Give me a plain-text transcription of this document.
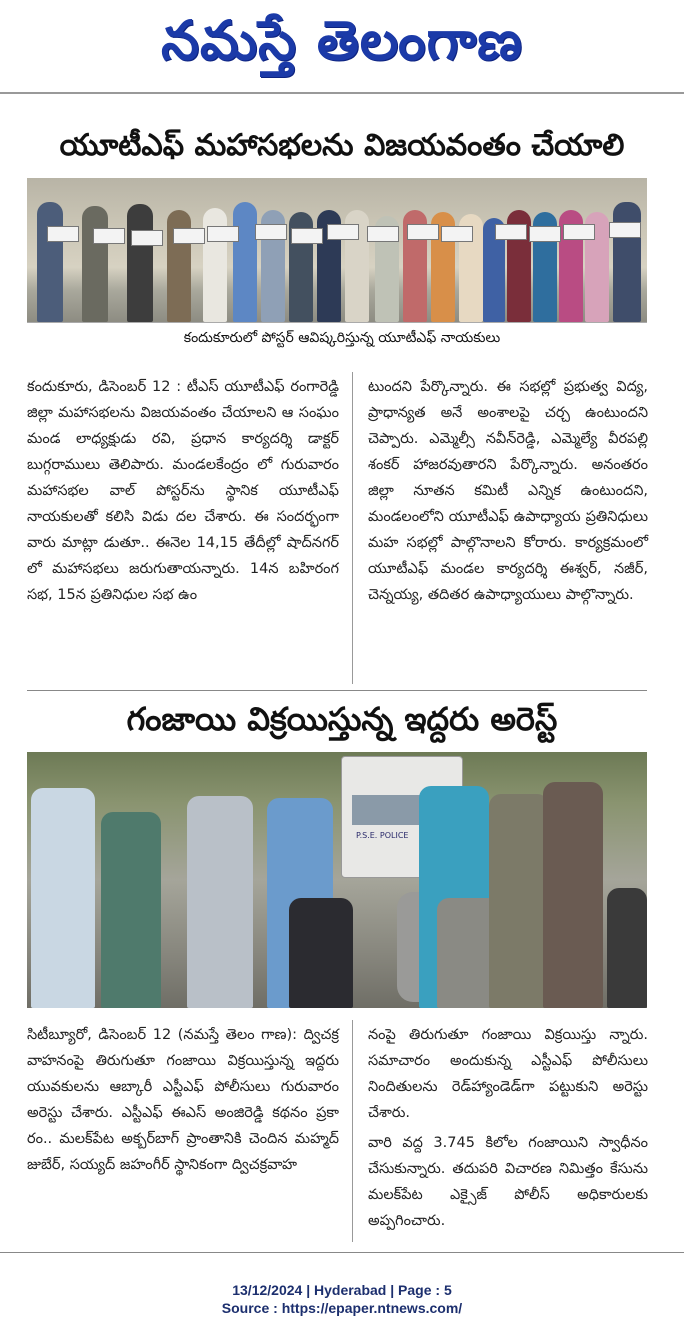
నమస్తే తెలంగాణ
యూటీఎఫ్ మహాసభలను విజయవంతం చేయాలి
కందుకూరులో పోస్టర్ ఆవిష్కరిస్తున్న యూటీఎఫ్ నాయకులు
కందుకూరు, డిసెంబర్ 12 : టీఎస్ యూటీఎఫ్ రంగారెడ్డి జిల్లా మహాసభలను విజయవంతం చేయాలని ఆ సంఘం మండ లాధ్యక్షుడు రవి, ప్రధాన కార్యదర్శి డాక్టర్ బుగ్గరాములు తెలిపారు. మండలకేంద్రం లో గురువారం మహాసభల వాల్ పోస్టర్‌ను స్థానిక యూటీఎఫ్ నాయకులతో కలిసి విడు దల చేశారు. ఈ సందర్భంగా వారు మాట్లా డుతూ.. ఈనెల 14,15 తేదీల్లో షాద్‌నగర్ లో మహాసభలు జరుగుతాయన్నారు. 14న బహిరంగ సభ, 15న ప్రతినిధుల సభ ఉం
టుందని పేర్కొన్నారు. ఈ సభల్లో ప్రభుత్వ విద్య, ప్రాధాన్యత అనే అంశాలపై చర్చ ఉంటుందని చెప్పారు. ఎమ్మెల్సీ నవీన్‌రెడ్డి, ఎమ్మెల్యే వీరపల్లి శంకర్ హాజరవుతారని పేర్కొన్నారు. అనంతరం జిల్లా నూతన కమిటీ ఎన్నిక ఉంటుందని, మండలంలోని యూటీఎఫ్ ఉపాధ్యాయ ప్రతినిధులు మహ సభల్లో పాల్గొనాలని కోరారు. కార్యక్రమంలో యూటీఎఫ్ మండల కార్యదర్శి ఈశ్వర్, నజీర్, చెన్నయ్య, తదితర ఉపాధ్యాయులు పాల్గొన్నారు.
గంజాయి విక్రయిస్తున్న ఇద్దరు అరెస్ట్
P.S.E. POLICE
సిటీబ్యూరో, డిసెంబర్ 12 (నమస్తే తెలం గాణ): ద్విచక్ర వాహనంపై తిరుగుతూ గంజాయి విక్రయిస్తున్న ఇద్దరు యువకులను ఆబ్కారీ ఎస్టీఎఫ్ పోలీసులు గురువారం అరెస్టు చేశారు. ఎస్టీఎఫ్ ఈఎస్ అంజిరెడ్డి కథనం ప్రకా రం.. మలక్‌పేట అక్బర్‌బాగ్ ప్రాంతానికి చెందిన మహ్మద్ జుబేర్, సయ్యద్ జహంగీర్ స్థానికంగా ద్విచక్రవాహ
నంపై తిరుగుతూ గంజాయి విక్రయిస్తు న్నారు. సమాచారం అందుకున్న ఎస్టీఎఫ్ పోలీసులు నిందితులను రెడ్‌హ్యాండెడ్‌గా పట్టుకుని అరెస్టు చేశారు.
వారి వద్ద 3.745 కిలోల గంజాయిని స్వాధీనం చేసుకున్నారు. తదుపరి విచారణ నిమిత్తం కేసును మలక్‌పేట ఎక్సైజ్ పోలీస్ అధికారులకు అప్పగించారు.
13/12/2024 | Hyderabad | Page : 5
Source : https://epaper.ntnews.com/
